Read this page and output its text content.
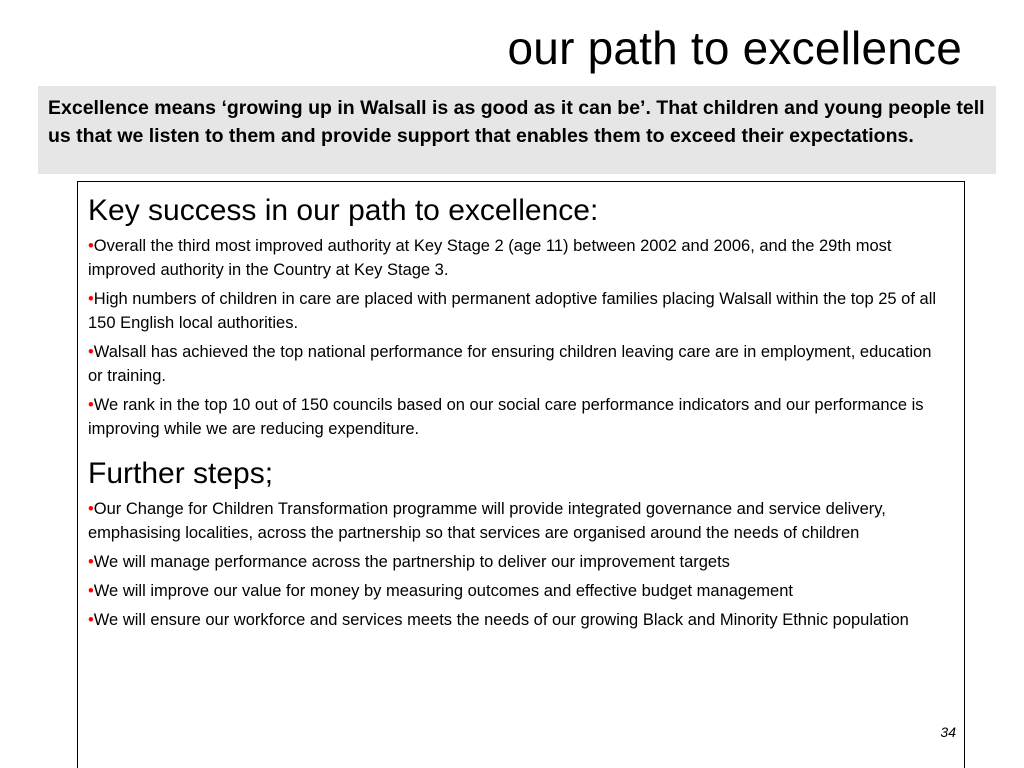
our path to excellence
Excellence means ‘growing up in Walsall is as good as it can be’. That children and young people tell us that we listen to them and provide support that enables them to exceed their expectations.
Key success in our path to excellence:
•Overall the third most improved authority at Key Stage 2 (age 11) between 2002 and 2006, and the 29th most improved authority in the Country at Key Stage 3.
•High numbers of children in care are placed with permanent adoptive families placing Walsall within the top 25 of all 150 English local authorities.
•Walsall has achieved the top national performance for ensuring children leaving care are in employment, education or training.
•We rank in the top 10 out of 150 councils based on our social care performance indicators and our performance is improving while we are reducing expenditure.
Further steps;
•Our Change for Children Transformation programme will provide integrated governance and service delivery, emphasising localities, across the partnership so that services are organised around the needs of children
•We will manage performance across the partnership to deliver our improvement targets
•We will improve our value for money by measuring outcomes and effective budget management
•We will ensure our workforce and services meets the needs of our growing Black and Minority Ethnic population
34
